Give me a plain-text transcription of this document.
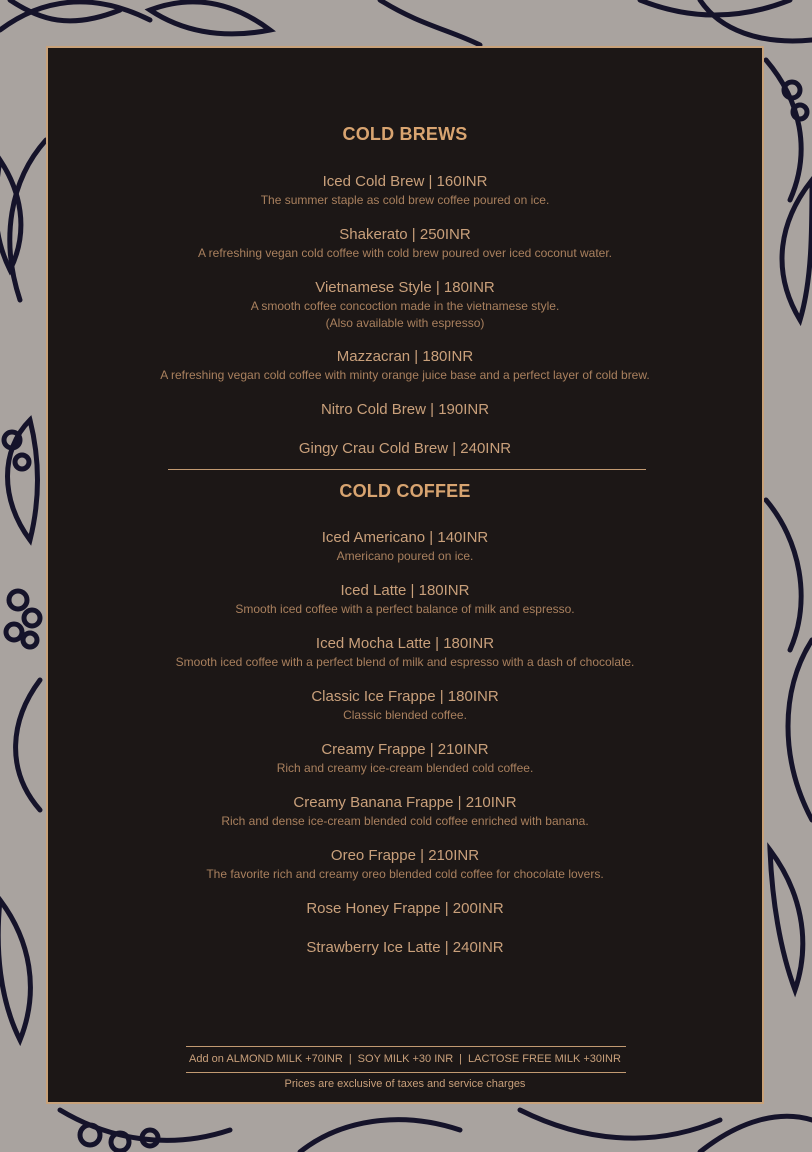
COLD BREWS
Iced Cold Brew | 160INR
The summer staple as cold brew coffee poured on ice.
Shakerato | 250INR
A refreshing vegan cold coffee with cold brew poured over iced coconut water.
Vietnamese Style | 180INR
A smooth coffee concoction made in the vietnamese style.
(Also available with espresso)
Mazzacran | 180INR
A refreshing vegan cold coffee with minty orange juice base and a perfect layer of cold brew.
Nitro Cold Brew | 190INR
Gingy Crau Cold Brew | 240INR
COLD COFFEE
Iced Americano | 140INR
Americano poured on ice.
Iced Latte | 180INR
Smooth iced coffee with a perfect balance of milk and espresso.
Iced Mocha Latte | 180INR
Smooth iced coffee with a perfect blend of milk and espresso with a dash of chocolate.
Classic Ice Frappe | 180INR
Classic blended coffee.
Creamy Frappe | 210INR
Rich and creamy ice-cream blended cold coffee.
Creamy Banana Frappe | 210INR
Rich and dense ice-cream blended cold coffee enriched with banana.
Oreo Frappe | 210INR
The favorite rich and creamy oreo blended cold coffee for chocolate lovers.
Rose Honey Frappe | 200INR
Strawberry Ice Latte | 240INR
Add on ALMOND MILK +70INR | SOY MILK +30 INR | LACTOSE FREE MILK +30INR
Prices are exclusive of taxes and service charges
